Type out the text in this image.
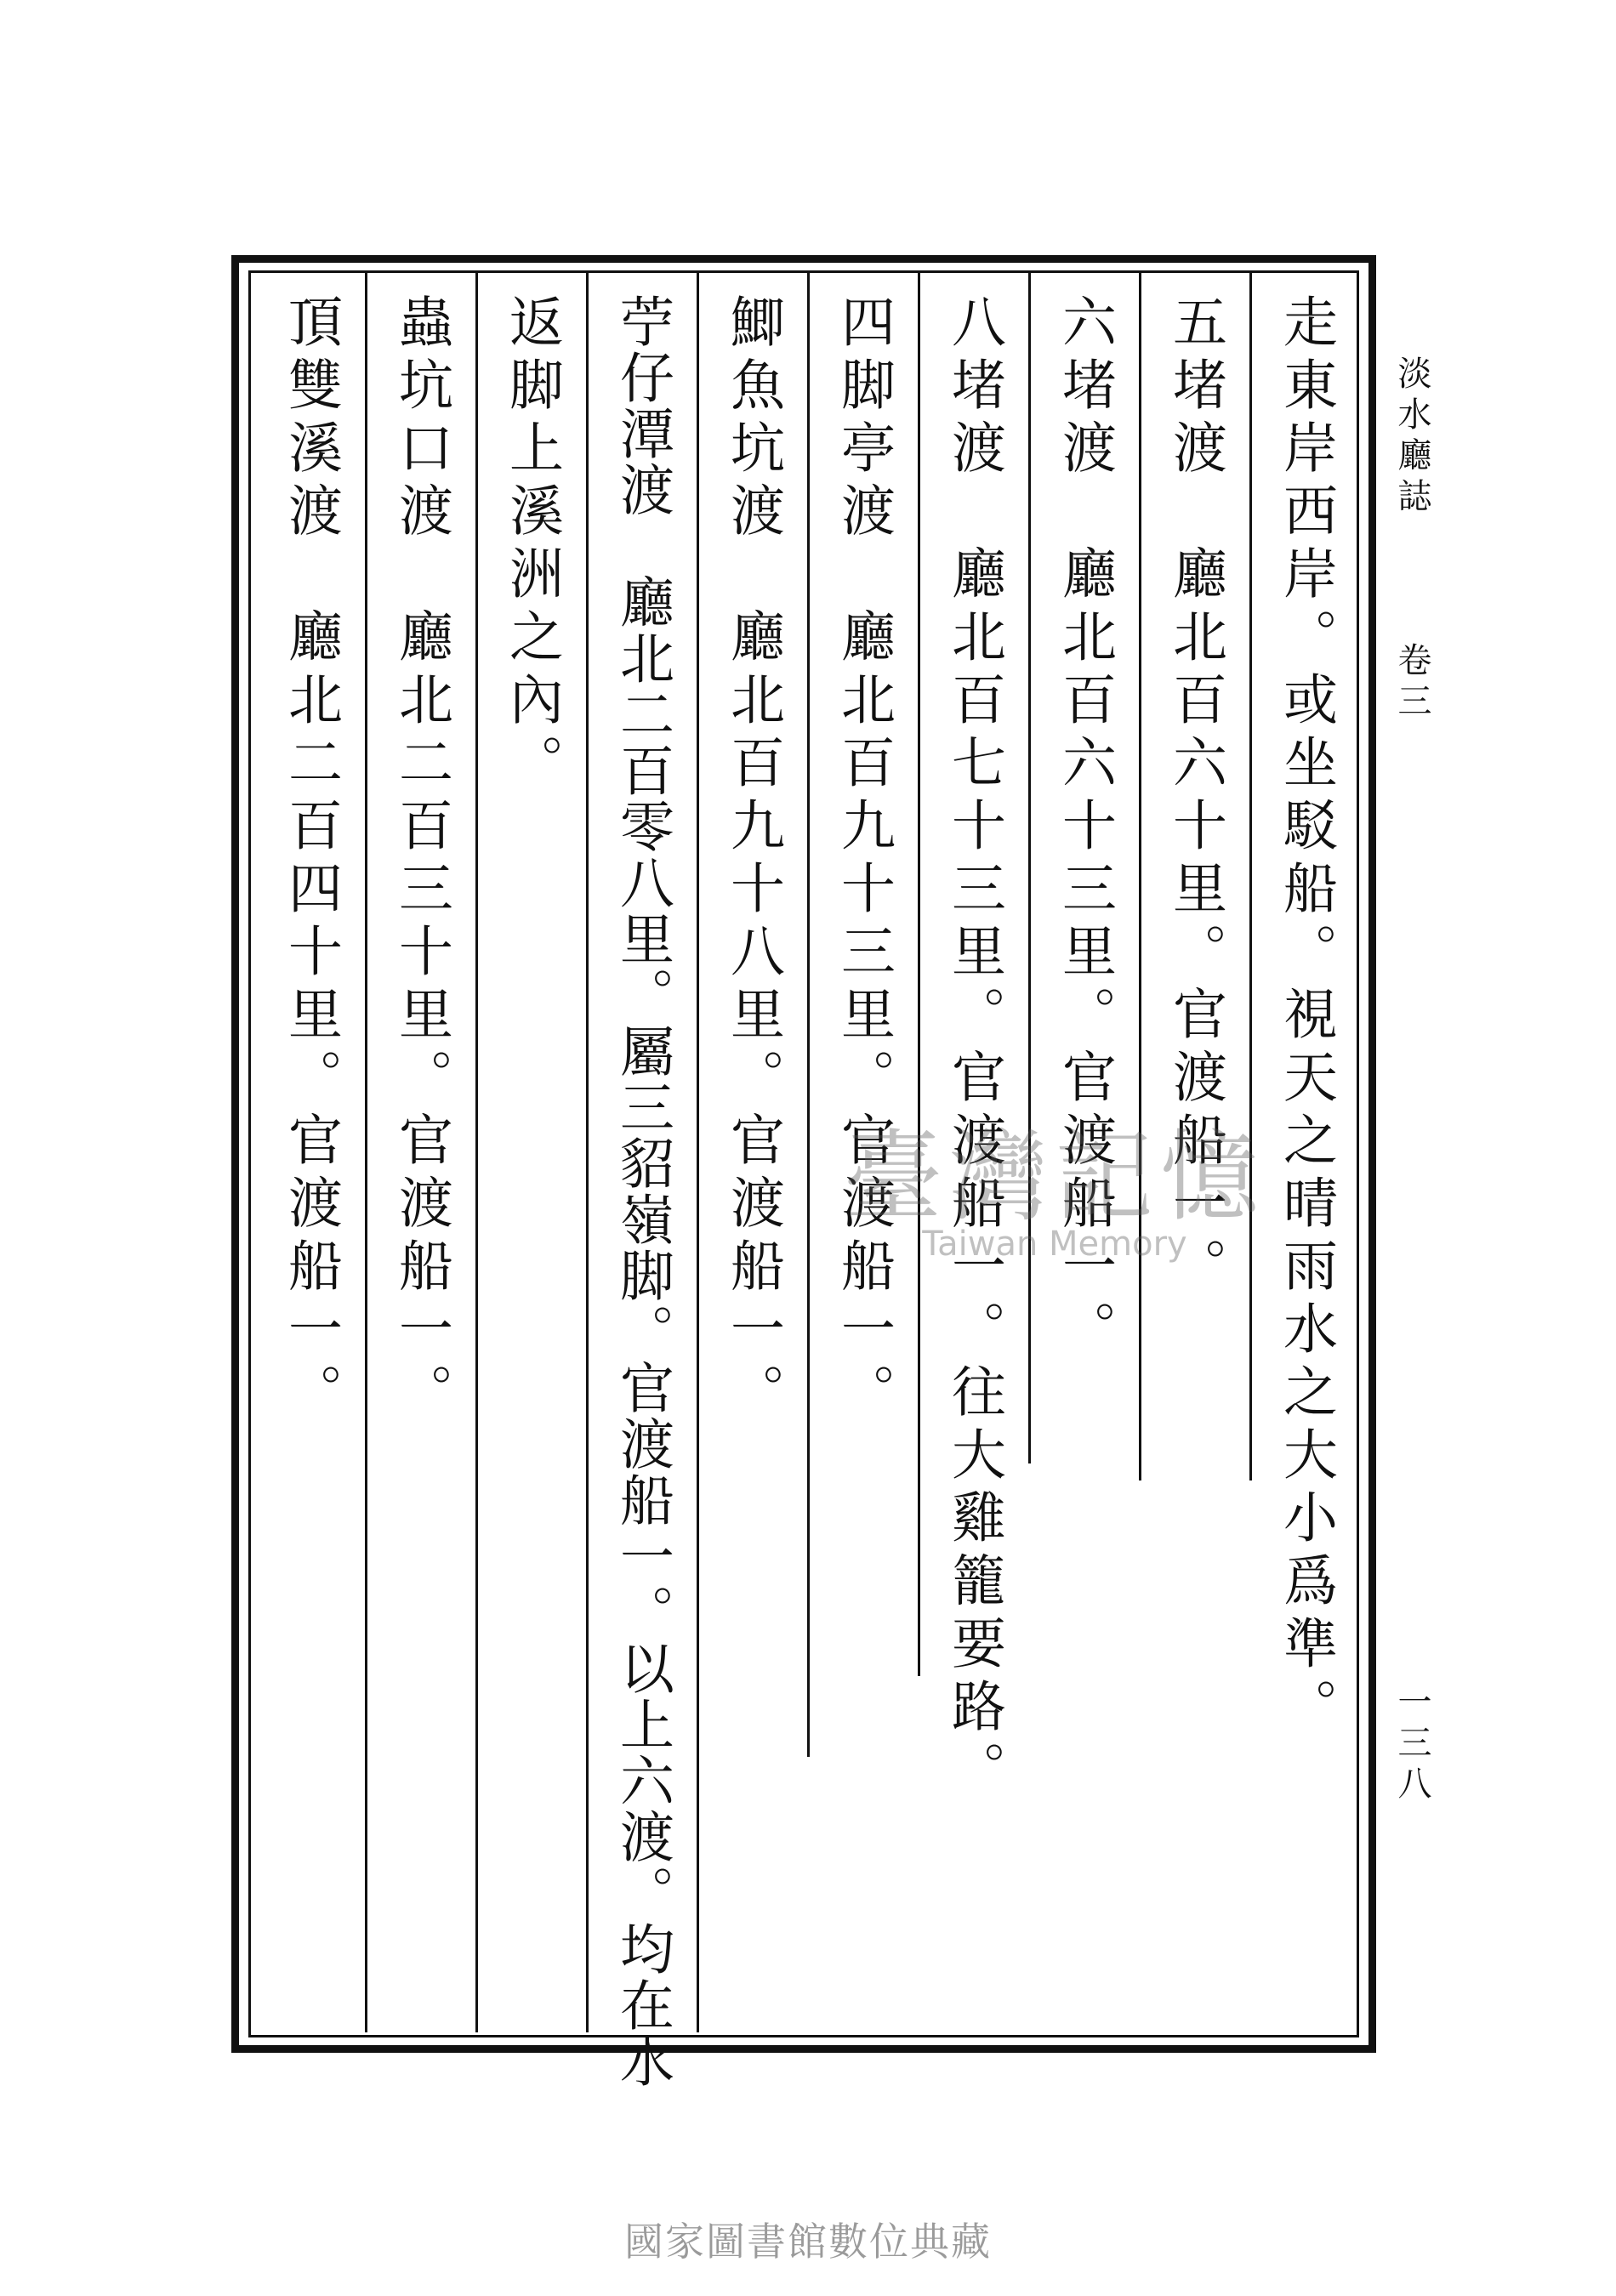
淡水廳誌
卷三
一三八
走東岸西岸。或坐駁船。視天之晴雨水之大小爲準。
五堵渡　廳北百六十里。官渡船一。
六堵渡　廳北百六十三里。官渡船一。
八堵渡　廳北百七十三里。官渡船一。往大雞籠要路。
四脚亭渡　廳北百九十三里。官渡船一。
鯽魚坑渡　廳北百九十八里。官渡船一。
苧仔潭渡　廳北二百零八里。屬三貂嶺脚。官渡船一。以上六渡。均在水
返脚上溪洲之內。
蟲坑口渡　廳北二百三十里。官渡船一。
頂雙溪渡　廳北二百四十里。官渡船一。	臺灣記憶
Taiwan Memory
國家圖書館數位典藏
